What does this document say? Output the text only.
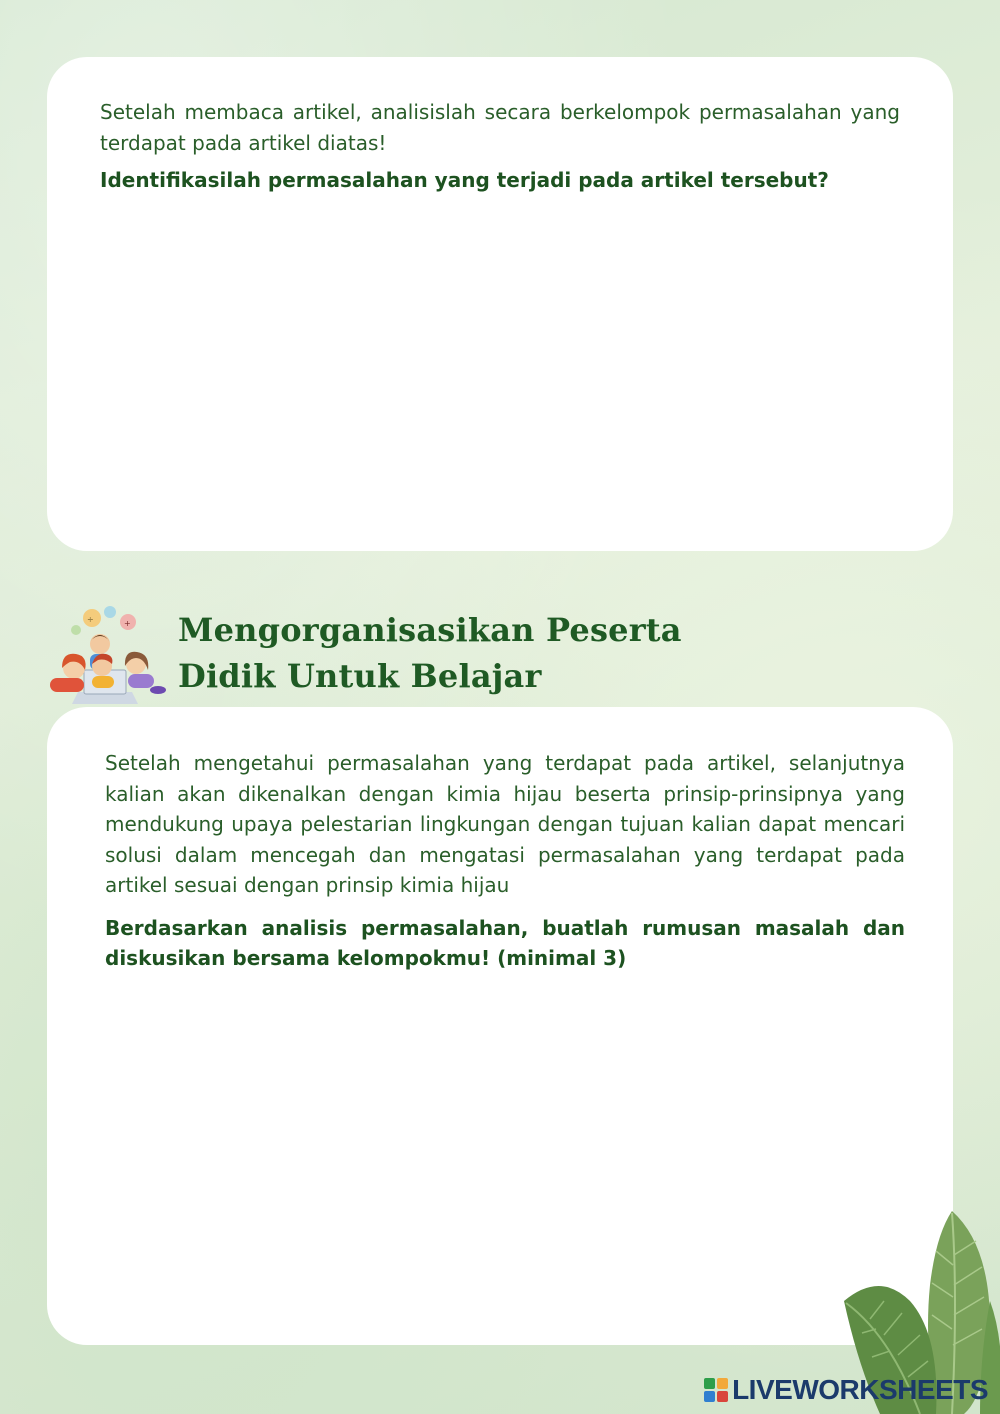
Setelah membaca artikel, analisislah secara berkelompok permasalahan yang terdapat pada artikel diatas!

Identifikasilah permasalahan yang terjadi pada artikel tersebut?

÷	+ Mengorganisasikan Peserta
Didik Untuk Belajar

Setelah mengetahui permasalahan yang terdapat pada artikel, selanjutnya kalian akan dikenalkan dengan kimia hijau beserta prinsip-prinsipnya yang mendukung upaya pelestarian lingkungan dengan tujuan kalian dapat mencari solusi dalam mencegah dan mengatasi permasalahan yang terdapat pada artikel sesuai dengan prinsip kimia hijau

Berdasarkan analisis permasalahan, buatlah rumusan masalah dan diskusikan bersama kelompokmu! (minimal 3)

LIVEWORKSHEETS
